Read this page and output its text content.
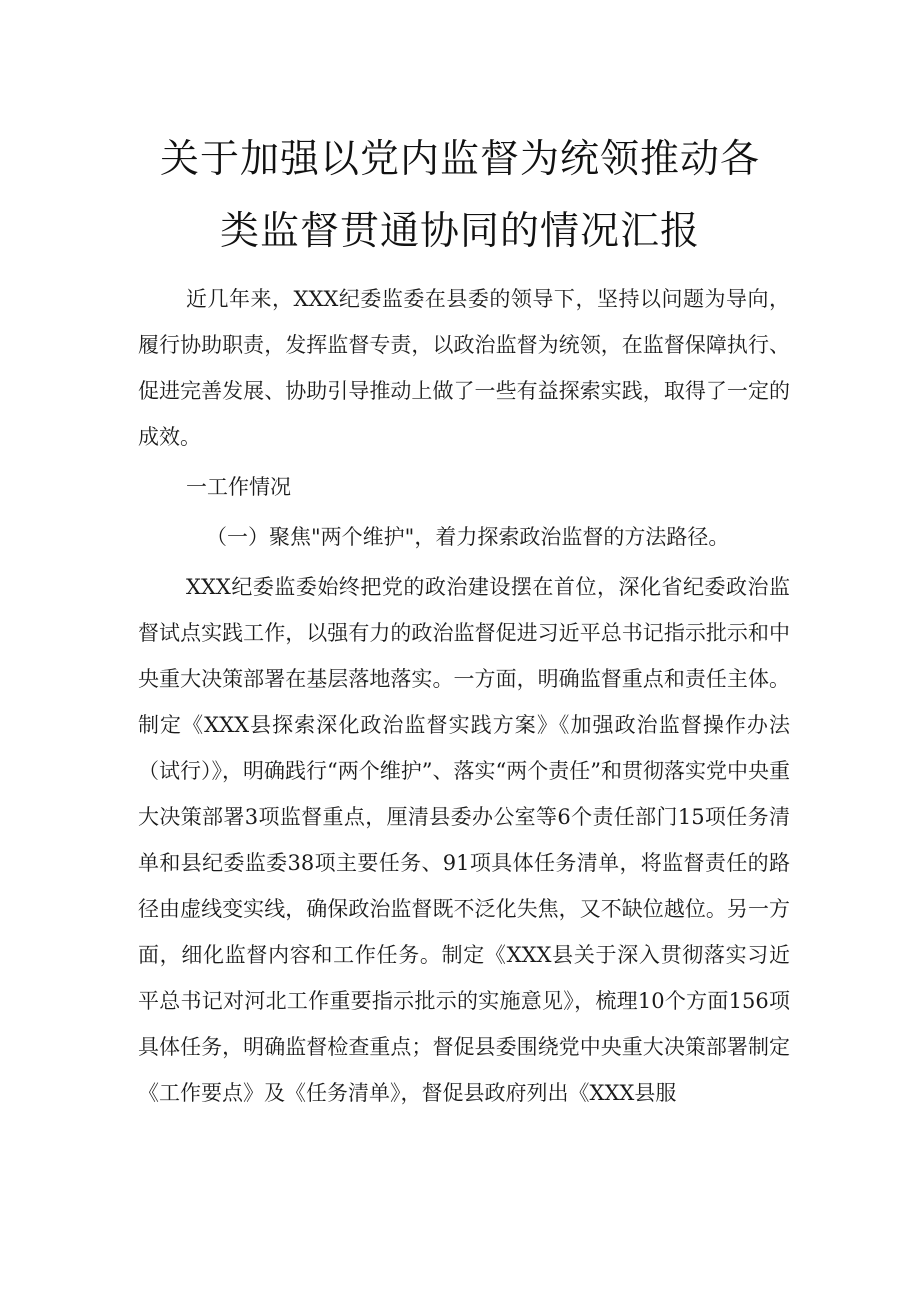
关于加强以党内监督为统领推动各
类监督贯通协同的情况汇报

近几年来，XXX纪委监委在县委的领导下，坚持以问题为导向，履行协助职责，发挥监督专责，以政治监督为统领，在监督保障执行、促进完善发展、协助引导推动上做了一些有益探索实践，取得了一定的成效。

一工作情况

（一）聚焦"两个维护"，着力探索政治监督的方法路径。

XXX纪委监委始终把党的政治建设摆在首位，深化省纪委政治监督试点实践工作，以强有力的政治监督促进习近平总书记指示批示和中央重大决策部署在基层落地落实。一方面，明确监督重点和责任主体。制定《XXX县探索深化政治监督实践方案》《加强政治监督操作办法（试行）》，明确践行“两个维护”、落实“两个责任”和贯彻落实党中央重大决策部署3项监督重点，厘清县委办公室等6个责任部门15项任务清单和县纪委监委38项主要任务、91项具体任务清单，将监督责任的路径由虚线变实线，确保政治监督既不泛化失焦，又不缺位越位。另一方面，细化监督内容和工作任务。制定《XXX县关于深入贯彻落实习近平总书记对河北工作重要指示批示的实施意见》，梳理10个方面156项具体任务，明确监督检查重点；督促县委围绕党中央重大决策部署制定《工作要点》及《任务清单》，督促县政府列出《XXX县服
